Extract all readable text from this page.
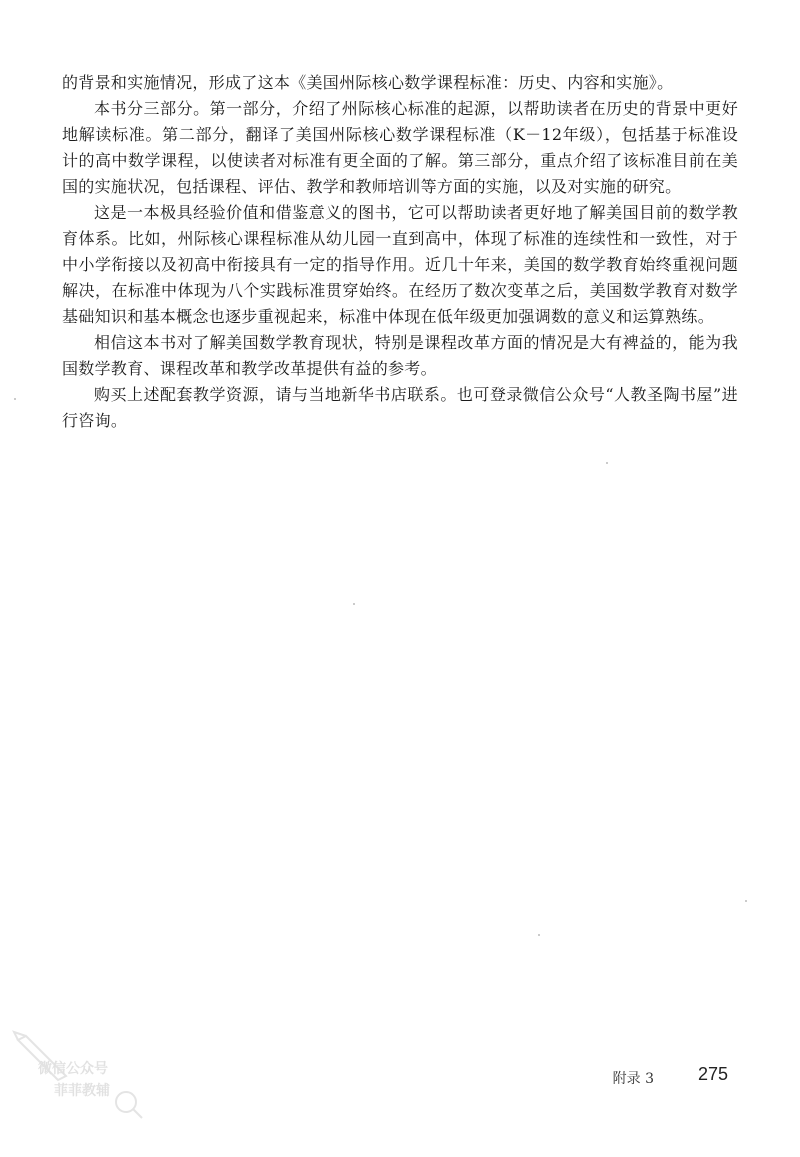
的背景和实施情况，形成了这本《美国州际核心数学课程标准：历史、内容和实施》。

本书分三部分。第一部分，介绍了州际核心标准的起源，以帮助读者在历史的背景中更好地解读标准。第二部分，翻译了美国州际核心数学课程标准（K－12年级），包括基于标准设计的高中数学课程，以使读者对标准有更全面的了解。第三部分，重点介绍了该标准目前在美国的实施状况，包括课程、评估、教学和教师培训等方面的实施，以及对实施的研究。

这是一本极具经验价值和借鉴意义的图书，它可以帮助读者更好地了解美国目前的数学教育体系。比如，州际核心课程标准从幼儿园一直到高中，体现了标准的连续性和一致性，对于中小学衔接以及初高中衔接具有一定的指导作用。近几十年来，美国的数学教育始终重视问题解决，在标准中体现为八个实践标准贯穿始终。在经历了数次变革之后，美国数学教育对数学基础知识和基本概念也逐步重视起来，标准中体现在低年级更加强调数的意义和运算熟练。

相信这本书对了解美国数学教育现状，特别是课程改革方面的情况是大有裨益的，能为我国数学教育、课程改革和教学改革提供有益的参考。

购买上述配套教学资源，请与当地新华书店联系。也可登录微信公众号“人教圣陶书屋”进行咨询。

微信公众号
菲菲教辅
附录 3 275
